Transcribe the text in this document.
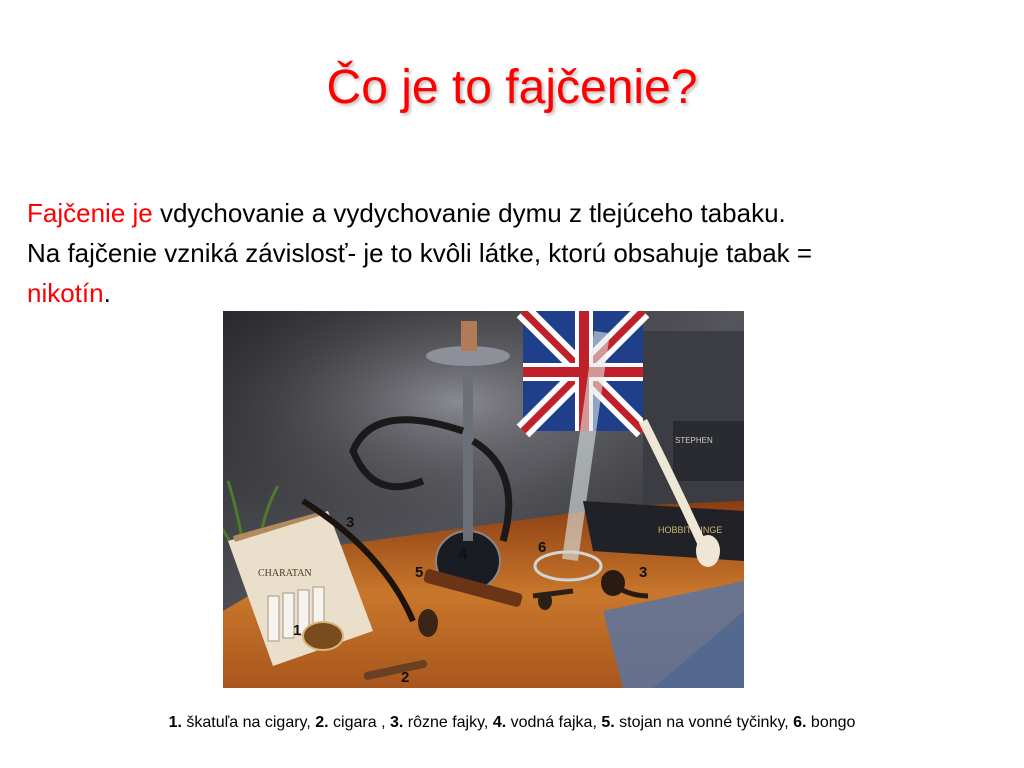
Čo je to fajčenie?

Fajčenie je vdychovanie a vydychovanie dymu z tlejúceho tabaku.

Na fajčenie vzniká závislosť- je to kvôli látke, ktorú obsahuje tabak =
nikotín.

STEPHEN
HOBBIT RINGE
CHARATAN
3
4
5
6
3
1
2
1. škatuľa na cigary, 2. cigara , 3. rôzne fajky, 4. vodná fajka, 5. stojan na vonné tyčinky, 6. bongo
